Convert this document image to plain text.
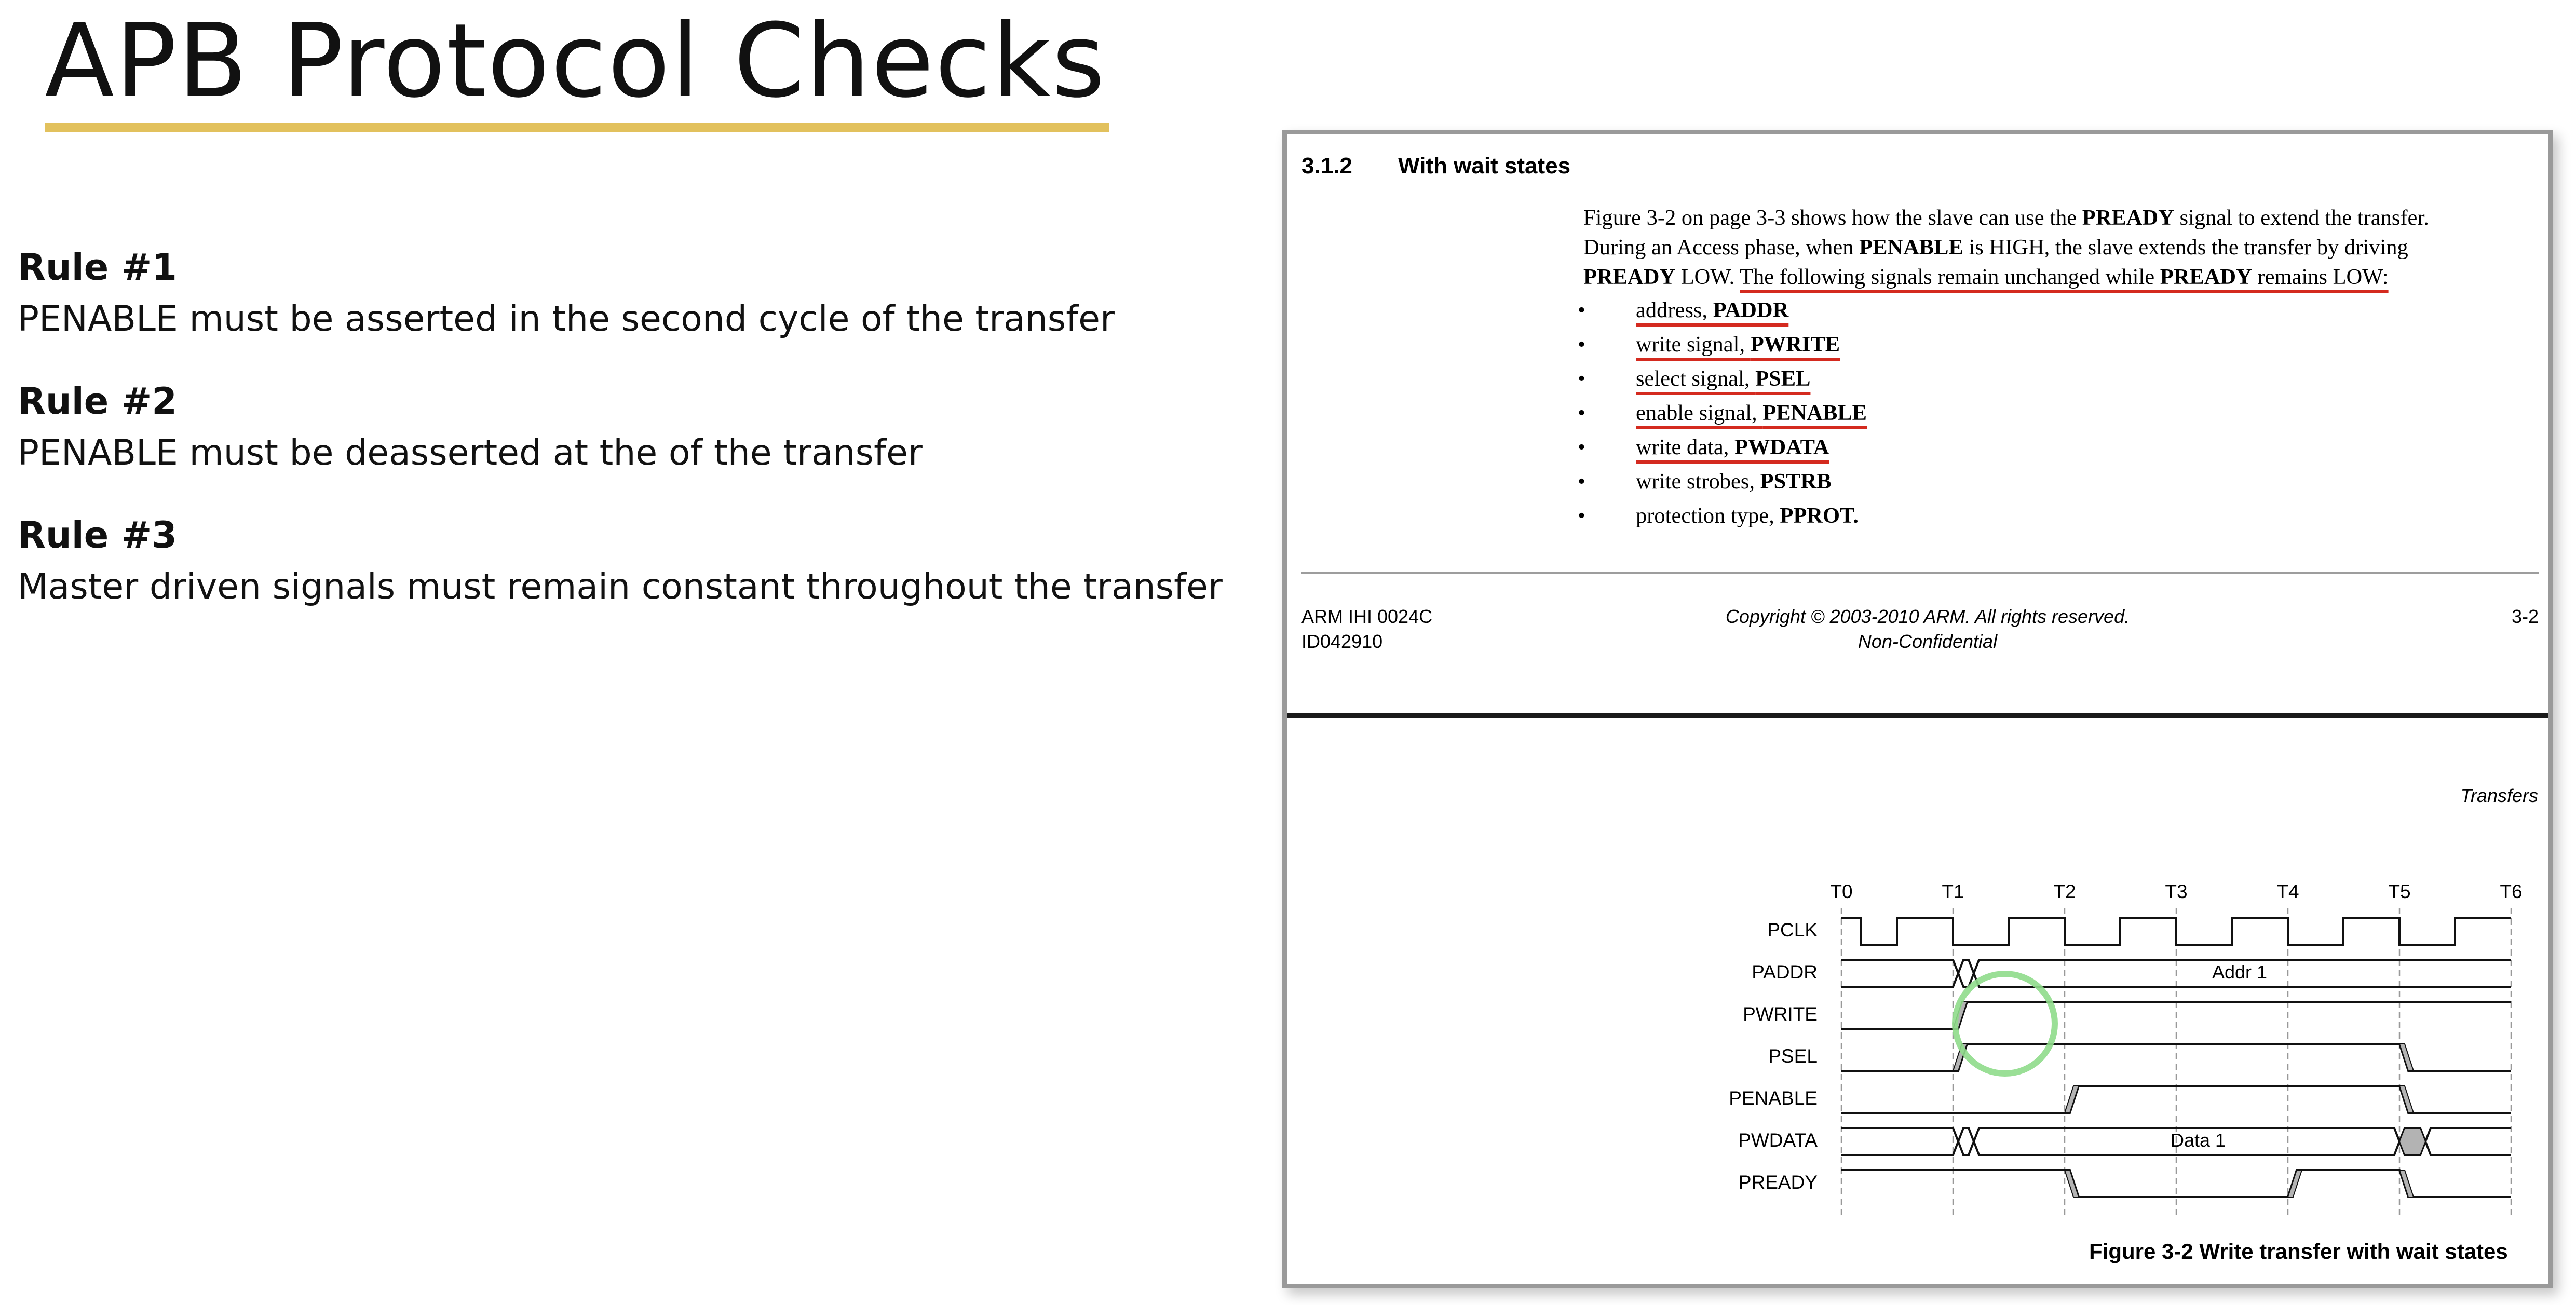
APB Protocol Checks
Rule #1
PENABLE must be asserted in the second cycle of the transfer
Rule #2
PENABLE must be deasserted at the of the transfer
Rule #3
Master driven signals must remain constant throughout the transfer
3.1.2 With wait states
Figure 3-2 on page 3-3 shows how the slave can use the PREADY signal to extend the transfer.
During an Access phase, when PENABLE is HIGH, the slave extends the transfer by driving
PREADY LOW. The following signals remain unchanged while PREADY remains LOW:
•	address, PADDR
•	write signal, PWRITE
•	select signal, PSEL
•	enable signal, PENABLE
•	write data, PWDATA
•	write strobes, PSTRB
•	protection type, PPROT.
ARM IHI 0024C
ID042910
Copyright © 2003-2010 ARM. All rights reserved.
Non-Confidential
3-2
Transfers
T0	T1	T2	T3	T4	T5	T6
PCLK
PADDR
PWRITE
PSEL
PENABLE
PWDATA
PREADY
Addr 1
Data 1
Figure 3-2 Write transfer with wait states
